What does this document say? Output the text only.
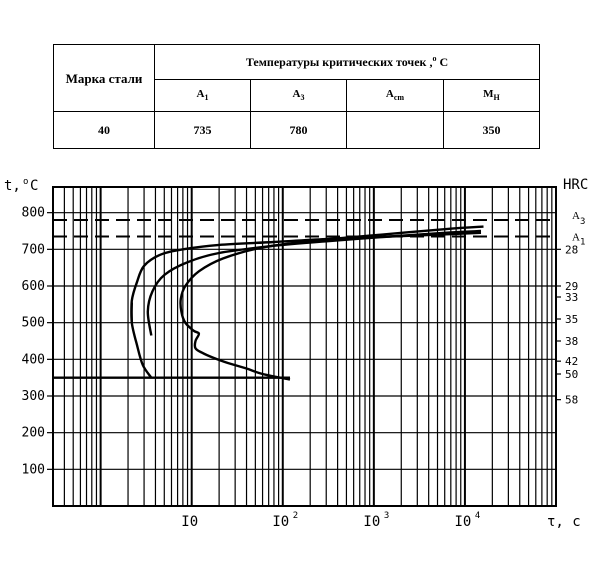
Марка стали	Температуры критических точек ,$^o$ C			
	$A_1$	$A_3$	$A_{cm}$	$M_H$
40	735	780		350
100
200
300
400
500
600
700
800
I0	I0 2	I0 3	I0 4
t, o C
τ, с
HRC
28
29
33
35
38
42
50
58
A 3
A 1
